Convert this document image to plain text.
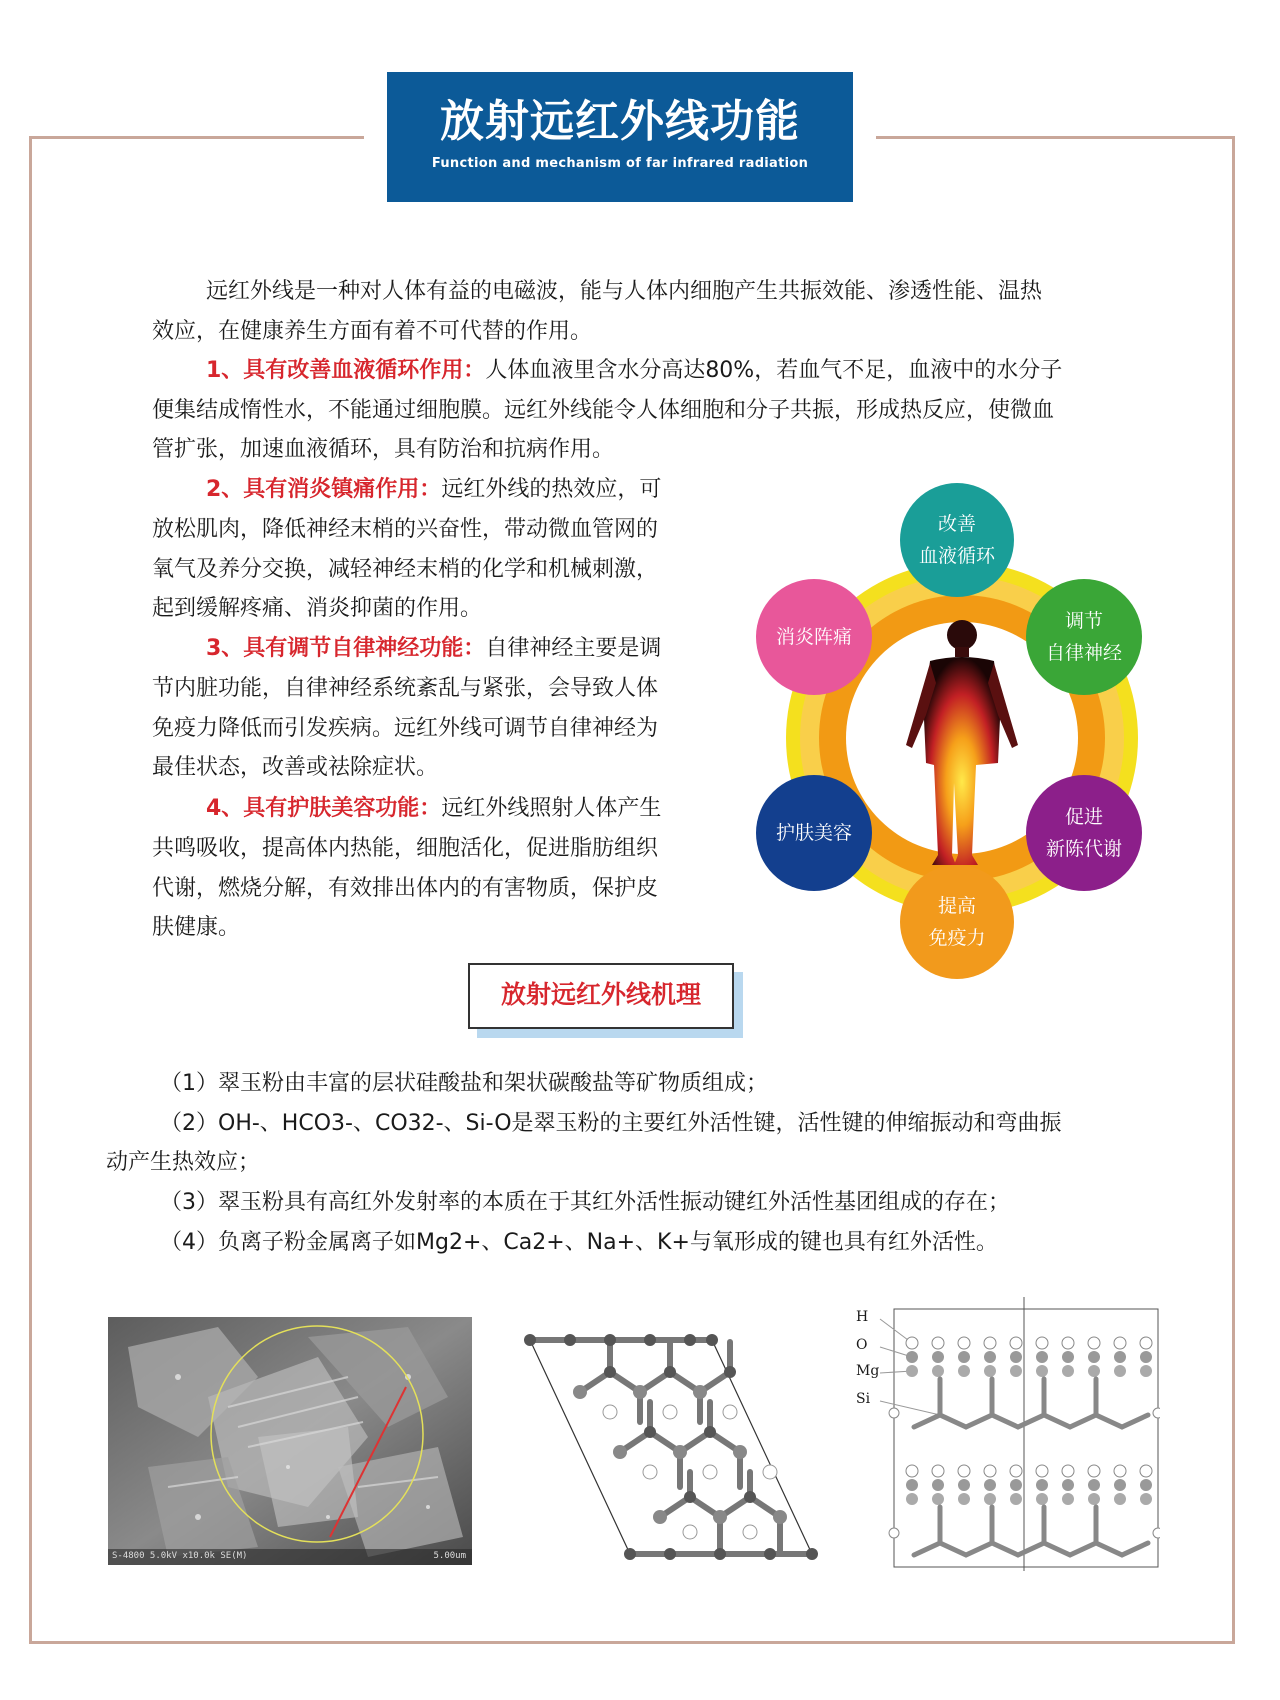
放射远红外线功能
Function and mechanism of far infrared radiation
远红外线是一种对人体有益的电磁波，能与人体内细胞产生共振效能、渗透性能、温热
效应，在健康养生方面有着不可代替的作用。
1、具有改善血液循环作用：人体血液里含水分高达80%，若血气不足，血液中的水分子
便集结成惰性水，不能通过细胞膜。远红外线能令人体细胞和分子共振，形成热反应，使微血
管扩张，加速血液循环，具有防治和抗病作用。
2、具有消炎镇痛作用：远红外线的热效应，可
放松肌肉，降低神经末梢的兴奋性，带动微血管网的
氧气及养分交换，减轻神经末梢的化学和机械刺激，
起到缓解疼痛、消炎抑菌的作用。
3、具有调节自律神经功能：自律神经主要是调
节内脏功能，自律神经系统紊乱与紧张，会导致人体
免疫力降低而引发疾病。远红外线可调节自律神经为
最佳状态，改善或祛除症状。
4、具有护肤美容功能：远红外线照射人体产生
共鸣吸收，提高体内热能，细胞活化，促进脂肪组织
代谢，燃烧分解，有效排出体内的有害物质，保护皮
肤健康。
改善
血液循环
调节
自律神经
促进
新陈代谢
提高
免疫力
护肤美容
消炎阵痛
放射远红外线机理
（1）翠玉粉由丰富的层状硅酸盐和架状碳酸盐等矿物质组成；
（2）OH-、HCO3-、CO32-、Si-O是翠玉粉的主要红外活性键，活性键的伸缩振动和弯曲振
动产生热效应；
（3）翠玉粉具有高红外发射率的本质在于其红外活性振动键红外活性基团组成的存在；
（4）负离子粉金属离子如Mg2+、Ca2+、Na+、K+与氧形成的键也具有红外活性。
S-4800 5.0kV x10.0k SE(M)	5.00um
H
O
Mg
Si
